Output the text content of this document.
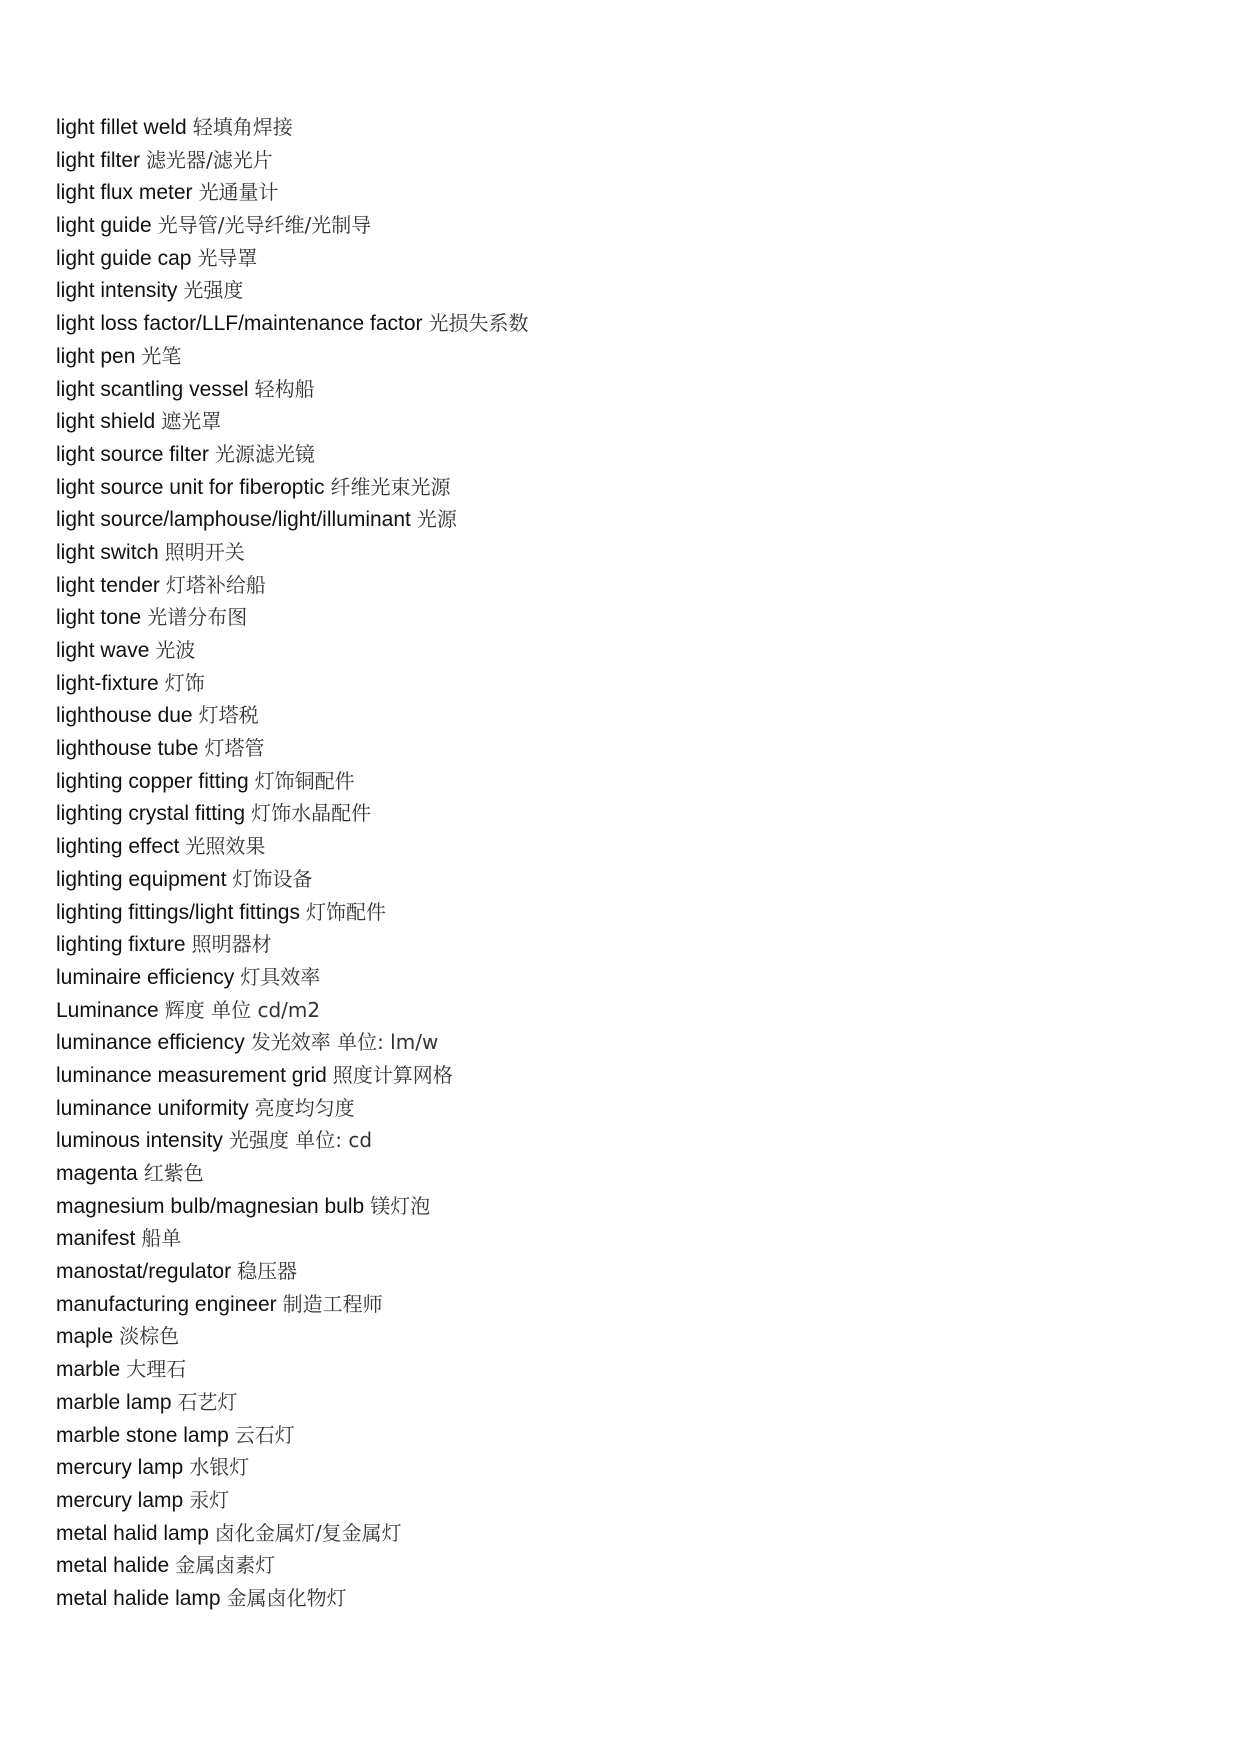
light fillet weld 轻填角焊接
light filter 滤光器/滤光片
light flux meter 光通量计
light guide 光导管/光导纤维/光制导
light guide cap 光导罩
light intensity 光强度
light loss factor/LLF/maintenance factor 光损失系数
light pen 光笔
light scantling vessel 轻构船
light shield 遮光罩
light source filter 光源滤光镜
light source unit for fiberoptic 纤维光束光源
light source/lamphouse/light/illuminant 光源
light switch 照明开关
light tender 灯塔补给船
light tone 光谱分布图
light wave 光波
light-fixture 灯饰
lighthouse due 灯塔税
lighthouse tube 灯塔管
lighting copper fitting 灯饰铜配件
lighting crystal fitting 灯饰水晶配件
lighting effect 光照效果
lighting equipment 灯饰设备
lighting fittings/light fittings 灯饰配件
lighting fixture 照明器材
luminaire efficiency 灯具效率
Luminance 辉度 单位 cd/m2
luminance efficiency 发光效率 单位: lm/w
luminance measurement grid 照度计算网格
luminance uniformity 亮度均匀度
luminous intensity 光强度 单位: cd
magenta 红紫色
magnesium bulb/magnesian bulb 镁灯泡
manifest 船单
manostat/regulator 稳压器
manufacturing engineer 制造工程师
maple 淡棕色
marble 大理石
marble lamp 石艺灯
marble stone lamp 云石灯
mercury lamp 水银灯
mercury lamp 汞灯
metal halid lamp 卤化金属灯/复金属灯
metal halide 金属卤素灯
metal halide lamp 金属卤化物灯
